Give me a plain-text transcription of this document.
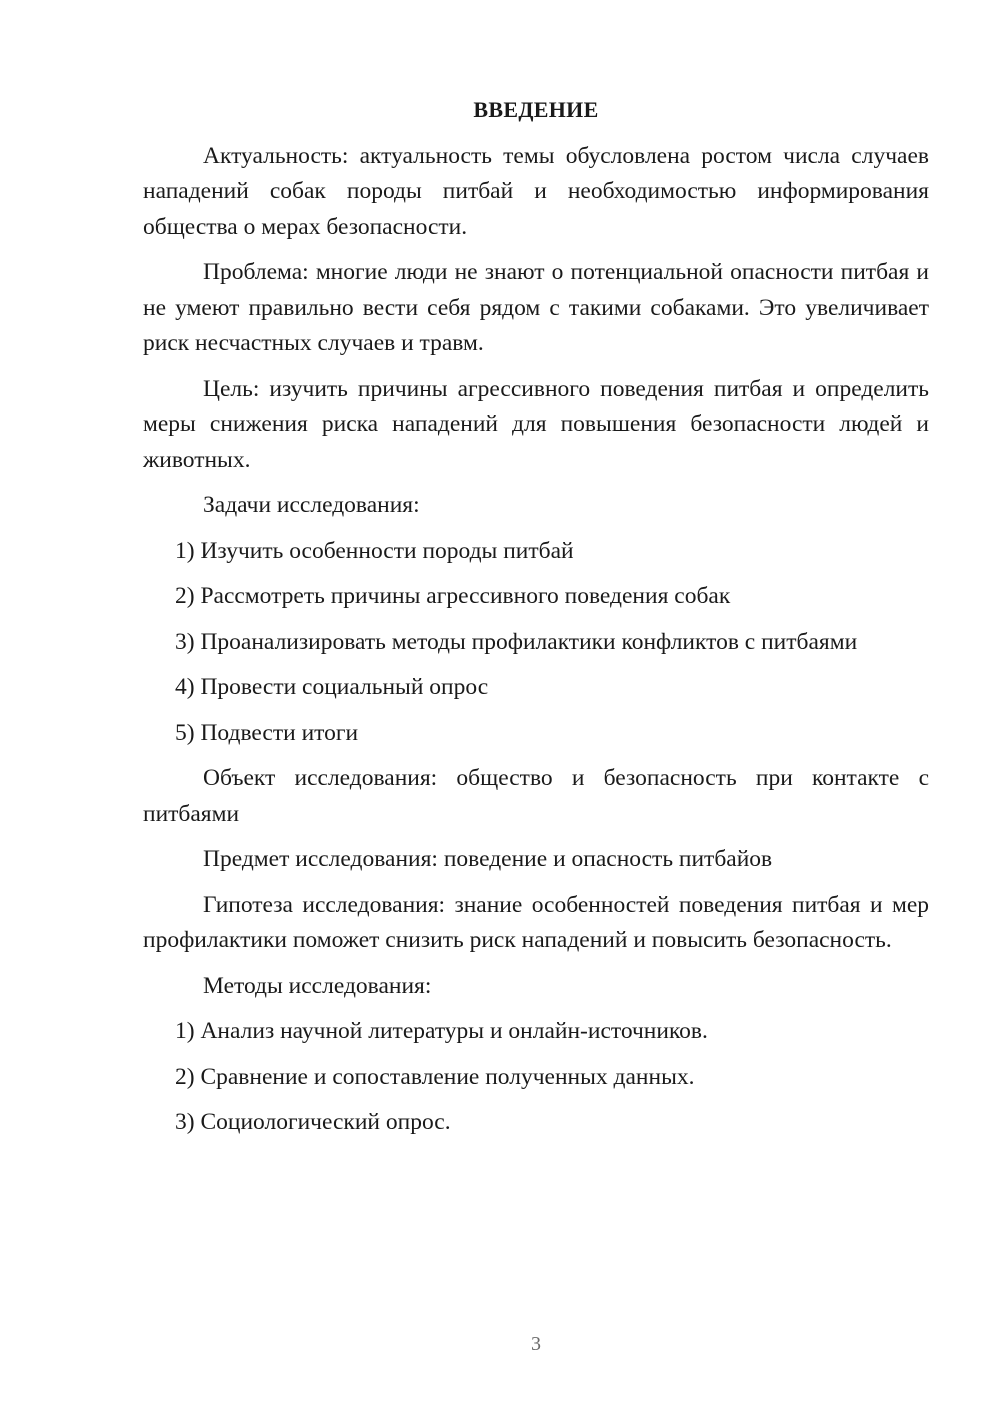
ВВЕДЕНИЕ

Актуальность: актуальность темы обусловлена ростом числа случаев нападений собак породы питбай и необходимостью информирования общества о мерах безопасности.

Проблема: многие люди не знают о потенциальной опасности питбая и не умеют правильно вести себя рядом с такими собаками. Это увеличивает риск несчастных случаев и травм.

Цель: изучить причины агрессивного поведения питбая и определить меры снижения риска нападений для повышения безопасности людей и животных.

Задачи исследования:

1) Изучить особенности породы питбай

2) Рассмотреть причины агрессивного поведения собак

3) Проанализировать методы профилактики конфликтов с питбаями

4) Провести социальный опрос

5) Подвести итоги

Объект исследования: общество и безопасность при контакте с питбаями

Предмет исследования: поведение и опасность питбайов

Гипотеза исследования: знание особенностей поведения питбая и мер профилактики поможет снизить риск нападений и повысить безопасность.

Методы исследования:

1) Анализ научной литературы и онлайн-источников.

2) Сравнение и сопоставление полученных данных.

3) Социологический опрос.

3
